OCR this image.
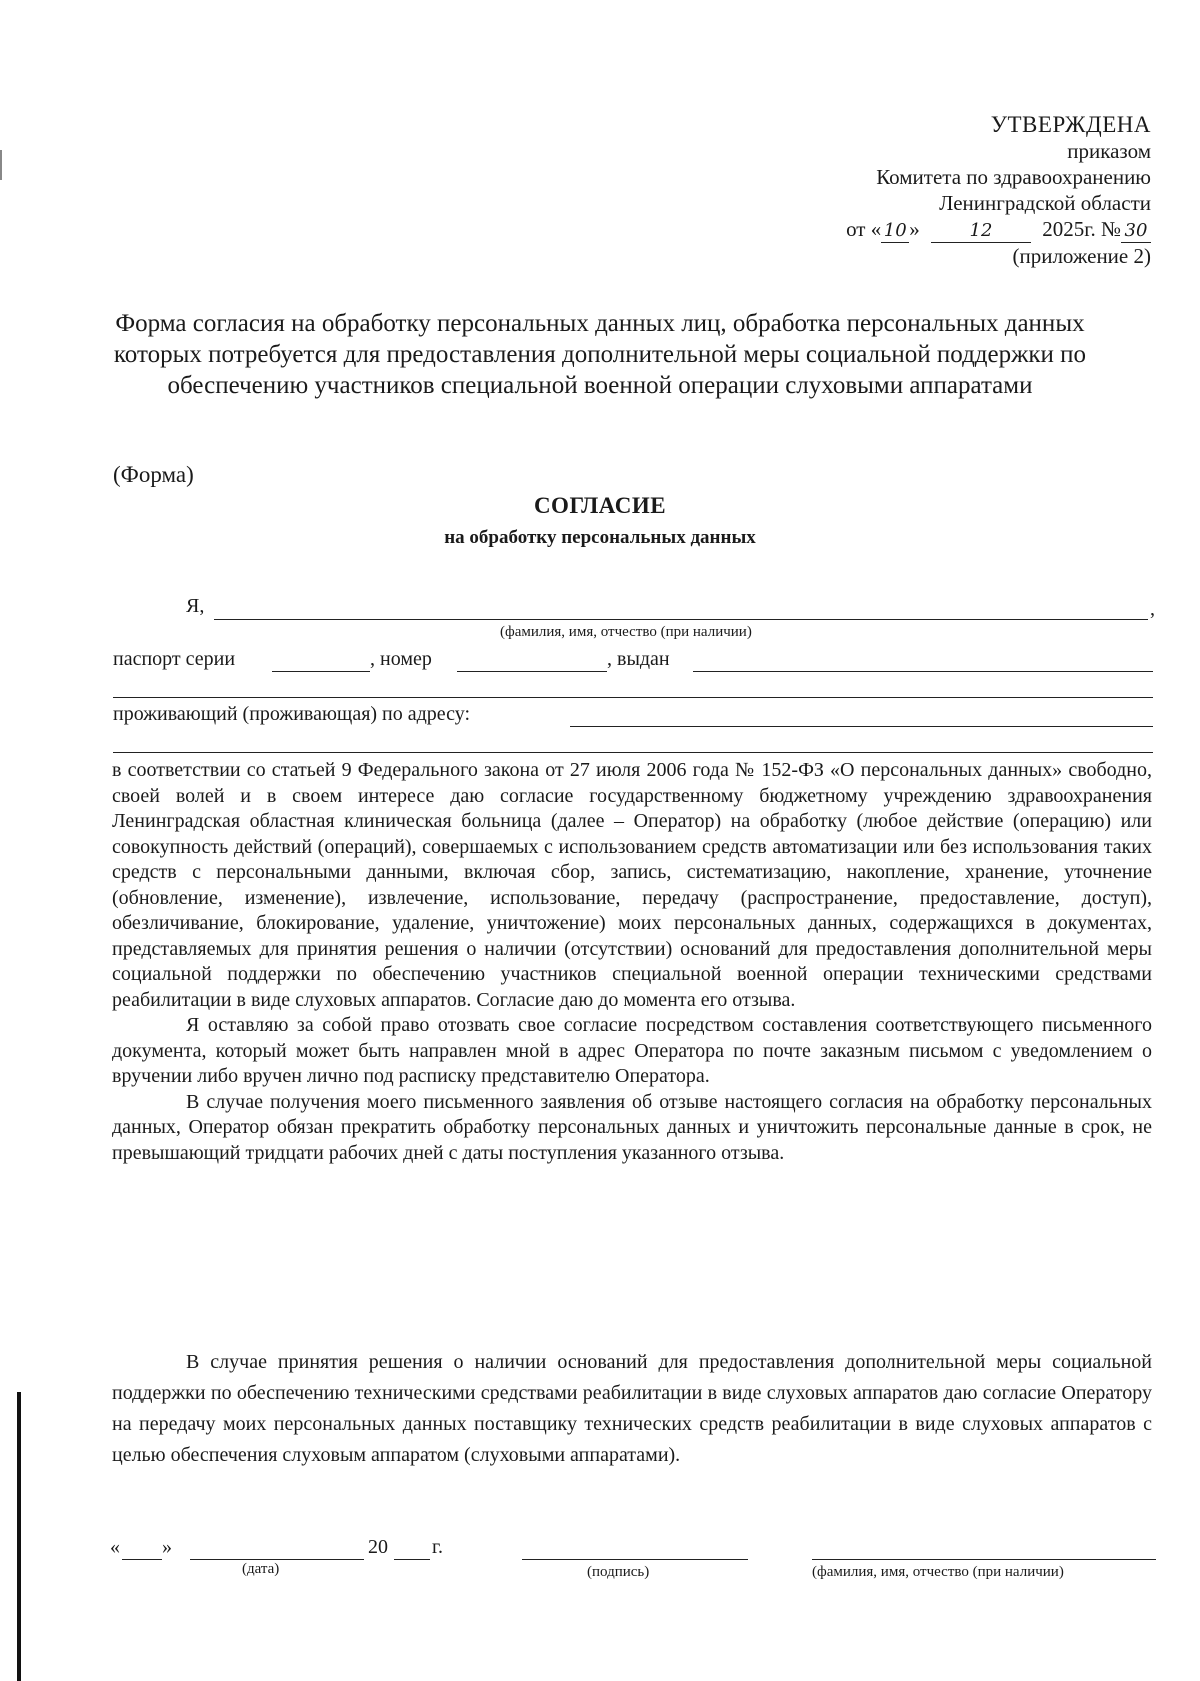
УТВЕРЖДЕНА
приказом
Комитета по здравоохранению
Ленинградской области
от « 10 »	12 2025г. № 30
(приложение 2)
Форма согласия на обработку персональных данных лиц, обработка персональных данных которых потребуется для предоставления дополнительной меры социальной поддержки по обеспечению участников специальной военной операции слуховыми аппаратами
(Форма)
СОГЛАСИЕ
на обработку персональных данных
Я,	,
(фамилия, имя, отчество (при наличии)
паспорт серии	, номер	, выдан
проживающий (проживающая) по адресу:

в соответствии со статьей 9 Федерального закона от 27 июля 2006 года № 152-ФЗ «О персональных данных» свободно, своей волей и в своем интересе даю согласие государственному бюджетному учреждению здравоохранения Ленинградская областная клиническая больница (далее – Оператор) на обработку (любое действие (операцию) или совокупность действий (операций), совершаемых с использованием средств автоматизации или без использования таких средств с персональными данными, включая сбор, запись, систематизацию, накопление, хранение, уточнение (обновление, изменение), извлечение, использование, передачу (распространение, предоставление, доступ), обезличивание, блокирование, удаление, уничтожение) моих персональных данных, содержащихся в документах, представляемых для принятия решения о наличии (отсутствии) оснований для предоставления дополнительной меры социальной поддержки по обеспечению участников специальной военной операции техническими средствами реабилитации в виде слуховых аппаратов. Согласие даю до момента его отзыва.

Я оставляю за собой право отозвать свое согласие посредством составления соответствующего письменного документа, который может быть направлен мной в адрес Оператора по почте заказным письмом с уведомлением о вручении либо вручен лично под расписку представителю Оператора.

В случае получения моего письменного заявления об отзыве настоящего согласия на обработку персональных данных, Оператор обязан прекратить обработку персональных данных и уничтожить персональные данные в срок, не превышающий тридцати рабочих дней с даты поступления указанного отзыва.

В случае принятия решения о наличии оснований для предоставления дополнительной меры социальной поддержки по обеспечению техническими средствами реабилитации в виде слуховых аппаратов даю согласие Оператору на передачу моих персональных данных поставщику технических средств реабилитации в виде слуховых аппаратов с целью обеспечения слуховым аппаратом (слуховыми аппаратами).

« »	20 г.
(дата)	(подпись)	(фамилия, имя, отчество (при наличии)
